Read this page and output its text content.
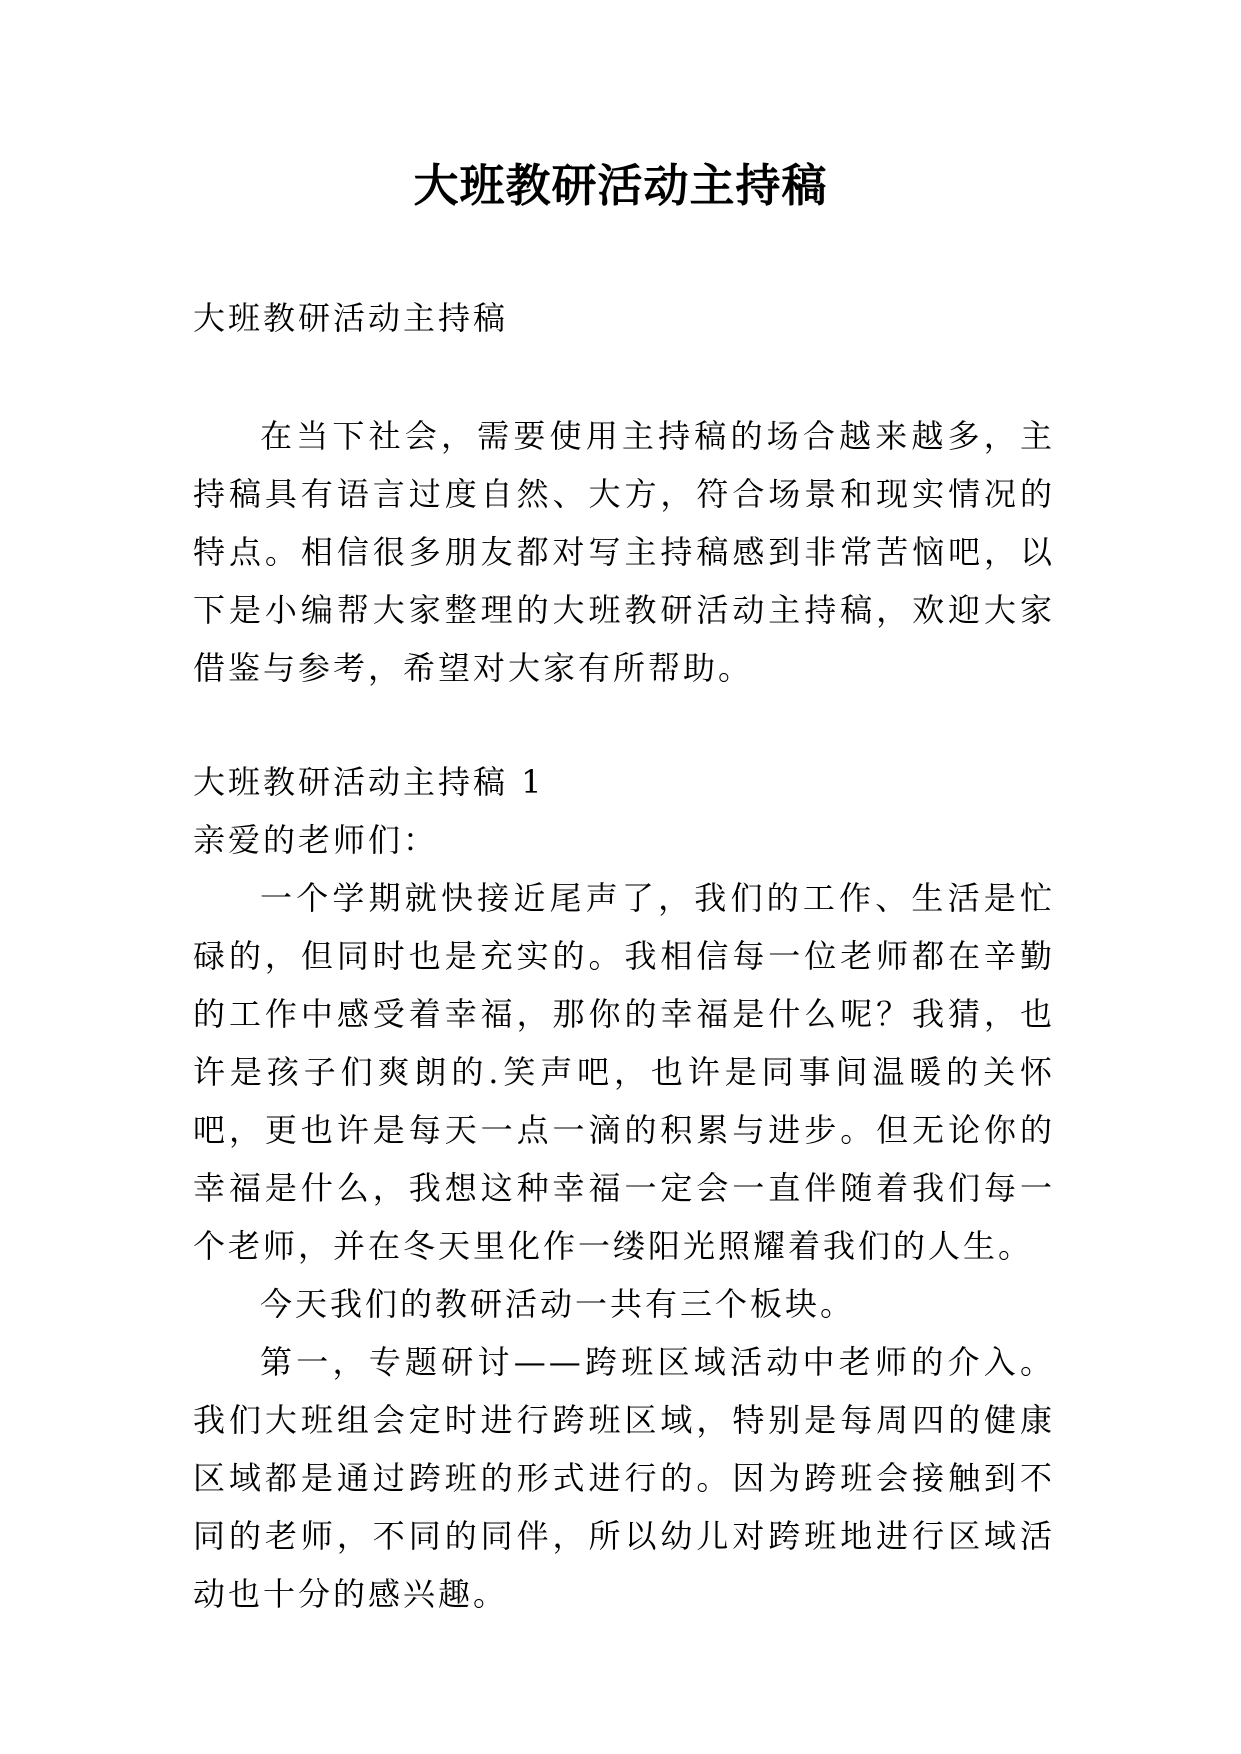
大班教研活动主持稿

大班教研活动主持稿

在当下社会，需要使用主持稿的场合越来越多，主持稿具有语言过度自然、大方，符合场景和现实情况的特点。相信很多朋友都对写主持稿感到非常苦恼吧，以下是小编帮大家整理的大班教研活动主持稿，欢迎大家借鉴与参考，希望对大家有所帮助。

大班教研活动主持稿 1

亲爱的老师们：

一个学期就快接近尾声了，我们的工作、生活是忙碌的，但同时也是充实的。我相信每一位老师都在辛勤的工作中感受着幸福，那你的幸福是什么呢？我猜，也许是孩子们爽朗的.笑声吧，也许是同事间温暖的关怀吧，更也许是每天一点一滴的积累与进步。但无论你的幸福是什么，我想这种幸福一定会一直伴随着我们每一个老师，并在冬天里化作一缕阳光照耀着我们的人生。

今天我们的教研活动一共有三个板块。

第一，专题研讨——跨班区域活动中老师的介入。我们大班组会定时进行跨班区域，特别是每周四的健康区域都是通过跨班的形式进行的。因为跨班会接触到不同的老师，不同的同伴，所以幼儿对跨班地进行区域活动也十分的感兴趣。
